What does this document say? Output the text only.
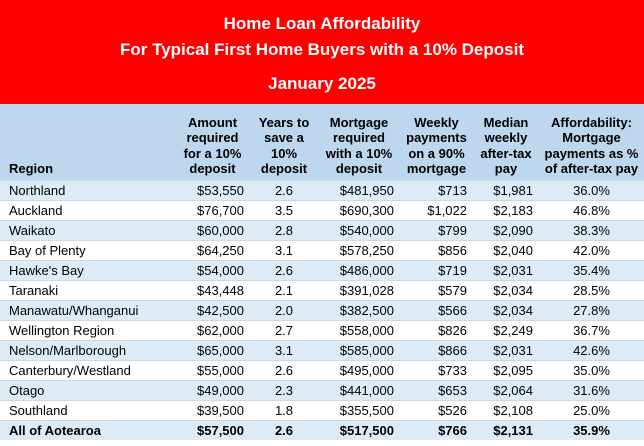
Home Loan Affordability
For Typical First Home Buyers with a 10% Deposit
January 2025
Region	Amount required for a 10% deposit	Years to save a 10% deposit	Mortgage required with a 10% deposit	Weekly payments on a 90% mortgage	Median weekly after-tax pay	Affordability: Mortgage payments as % of after-tax pay
Northland	$53,550	2.6	$481,950	$713	$1,981	36.0%
Auckland	$76,700	3.5	$690,300	$1,022	$2,183	46.8%
Waikato	$60,000	2.8	$540,000	$799	$2,090	38.3%
Bay of Plenty	$64,250	3.1	$578,250	$856	$2,040	42.0%
Hawke's Bay	$54,000	2.6	$486,000	$719	$2,031	35.4%
Taranaki	$43,448	2.1	$391,028	$579	$2,034	28.5%
Manawatu/Whanganui	$42,500	2.0	$382,500	$566	$2,034	27.8%
Wellington Region	$62,000	2.7	$558,000	$826	$2,249	36.7%
Nelson/Marlborough	$65,000	3.1	$585,000	$866	$2,031	42.6%
Canterbury/Westland	$55,000	2.6	$495,000	$733	$2,095	35.0%
Otago	$49,000	2.3	$441,000	$653	$2,064	31.6%
Southland	$39,500	1.8	$355,500	$526	$2,108	25.0%
All of Aotearoa	$57,500	2.6	$517,500	$766	$2,131	35.9%
